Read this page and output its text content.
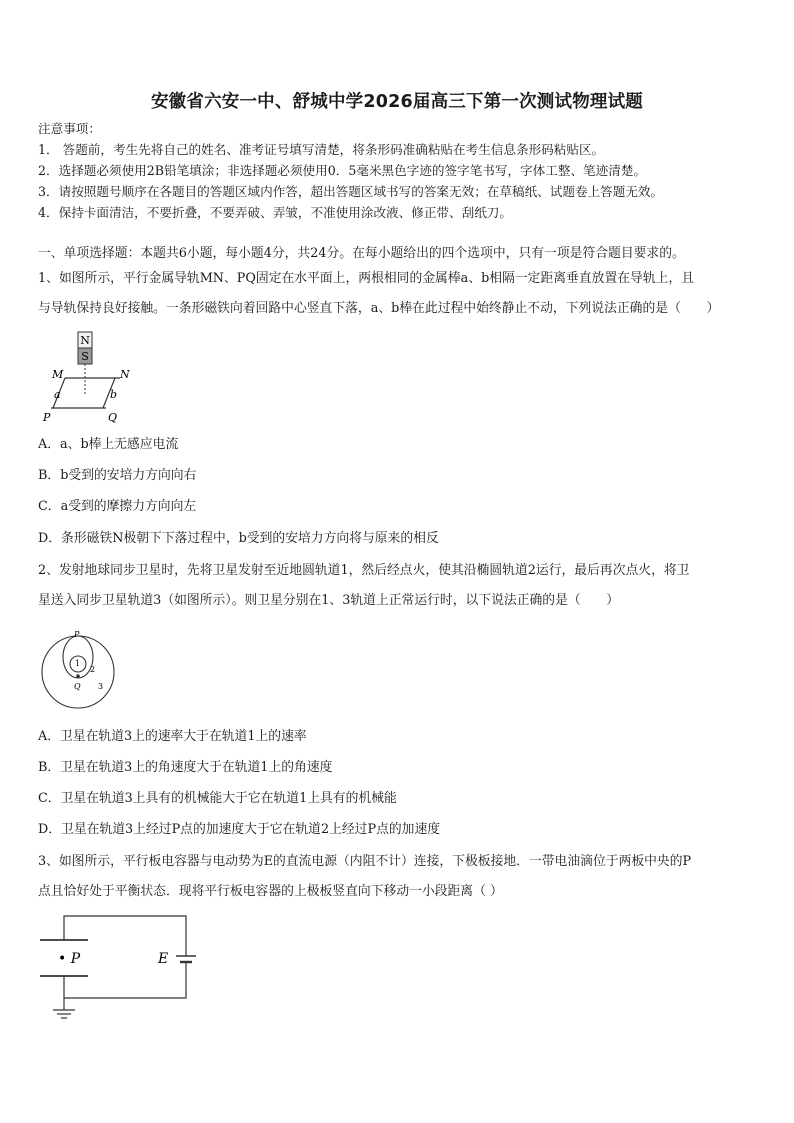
安徽省六安一中、舒城中学2026届高三下第一次测试物理试题
注意事项：
1． 答题前，考生先将自己的姓名、准考证号填写清楚，将条形码准确粘贴在考生信息条形码粘贴区。
2．选择题必须使用2B铅笔填涂；非选择题必须使用0．5毫米黑色字迹的签字笔书写，字体工整、笔迹清楚。
3．请按照题号顺序在各题目的答题区域内作答，超出答题区域书写的答案无效；在草稿纸、试题卷上答题无效。
4．保持卡面清洁，不要折叠，不要弄破、弄皱，不准使用涂改液、修正带、刮纸刀。
一、单项选择题：本题共6小题，每小题4分，共24分。在每小题给出的四个选项中，只有一项是符合题目要求的。
1、如图所示，平行金属导轨MN、PQ固定在水平面上，两根相同的金属棒a、b相隔一定距离垂直放置在导轨上，且
与导轨保持良好接触。一条形磁铁向着回路中心竖直下落，a、b棒在此过程中始终静止不动，下列说法正确的是（　　）
N
S
M	N
P	Q
a	b
A．a、b棒上无感应电流
B．b受到的安培力方向向右
C．a受到的摩擦力方向向左
D．条形磁铁N极朝下下落过程中，b受到的安培力方向将与原来的相反
2、发射地球同步卫星时，先将卫星发射至近地圆轨道1，然后经点火，使其沿椭圆轨道2运行，最后再次点火，将卫
星送入同步卫星轨道3（如图所示）。则卫星分别在1、3轨道上正常运行时，以下说法正确的是（　　）
P
Q
1
2
3
A．卫星在轨道3上的速率大于在轨道1上的速率
B．卫星在轨道3上的角速度大于在轨道1上的角速度
C．卫星在轨道3上具有的机械能大于它在轨道1上具有的机械能
D．卫星在轨道3上经过P点的加速度大于它在轨道2上经过P点的加速度
3、如图所示，平行板电容器与电动势为E的直流电源（内阻不计）连接，下极板接地．一带电油滴位于两板中央的P
点且恰好处于平衡状态．现将平行板电容器的上极板竖直向下移动一小段距离（ ）
• P	E
